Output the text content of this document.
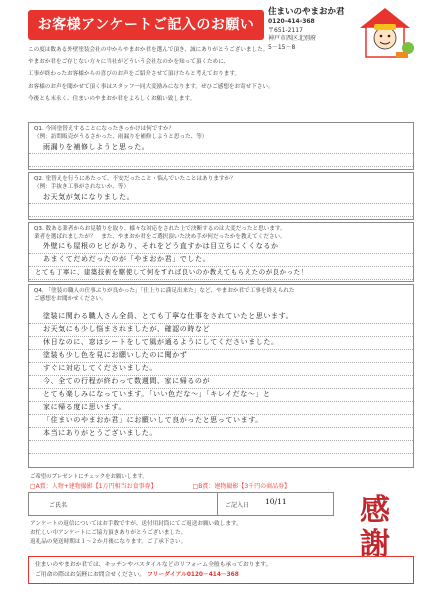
お客様アンケートご記入のお願い
住まいのやまおか君
0120-414-368
〒651-2117
神戸市西区北別府
5－15－8

この度は数ある外壁塗装会社の中からやまおか君を選んで頂き、誠にありがとうございました。

やまおか君をご存じない方々に当社がどういう会社なのかを知って頂くために、

工事が終わったお客様からの喜びのお声をご紹介させて頂けたらと考えております。

お客様のお声を聞かせて頂く事はスタッフ一同大変励みになります。ぜひご感想をお寄せ下さい。

今後とも末永く、住まいのやまおか君をよろしくお願い致します。

Q1. 今回塗替えすることになったきっかけは何ですか？
（例：訪問販売がうるさかった、雨漏りを補修しようと思った、等）
雨漏りを補修しようと思った。
Q2. 塗替えを行うにあたって、不安だったこと・悩んでいたことはありますか？
（例：手抜き工事がされないか、等）
お天気が気になりました。
Q3. 数ある業者からお見積りを取り、様々な対応をされた上で決断するのは大変だったと思います。
業者を選ばれましたが？　また、やまおか君をご選択頂いた決め手が何だったかを教えてください。
外壁にも屋根のヒビがあり、それをどう直すかは目立ちにくくなるか
あまくてだめだったのが「やまおか君」でした。
とても丁寧に、建築技術を駆使して何をすれば良いのか教えてもらえたのが良かった！
Q4. 「塗装の職人の仕事ぶりが良かった」「仕上りに満足出来た」など、やまおか君で工事を終えられた
ご感想をお聞かせください。
塗装に関わる職人さん全員、とても丁寧な仕事をされていたと思います。
お天気にも少し悩まされましたが、確認の時など
休日なのに、窓はシートをして風が通るようにしてくださいました。
塗装も少し色を見にお願いしたのに聞かず
すぐに対応してくださいました。
今、全ての行程が終わって数週間、家に帰るのが
とても楽しみになっています。「いい色だな〜」「キレイだな〜」と
家に帰る度に思います。
「住まいのやまおか君」にお願いして良かったと思っています。
本当にありがとうございました。
ご希望のプレゼントにチェックをお願いします。
□A賞：人物+建物撮影【1万円相当お食事券】	□B賞：建物撮影【3千円の商品券】
ご氏名	ご記入日 10/11 感
謝
アンケートの返信についてはお手数ですが、送付用封筒にてご返送お願い致します。
お忙しい中アンケートにご協力頂きありがとうございました。
返礼品の発送時期は１～２か月後になります。ご了承下さい。
住まいのやまおか君では、キッチンやバスタイルなどのリフォーム全般も承っております。
ご用命の際はお気軽にお問合せください。 フリーダイアル0120－414－368
